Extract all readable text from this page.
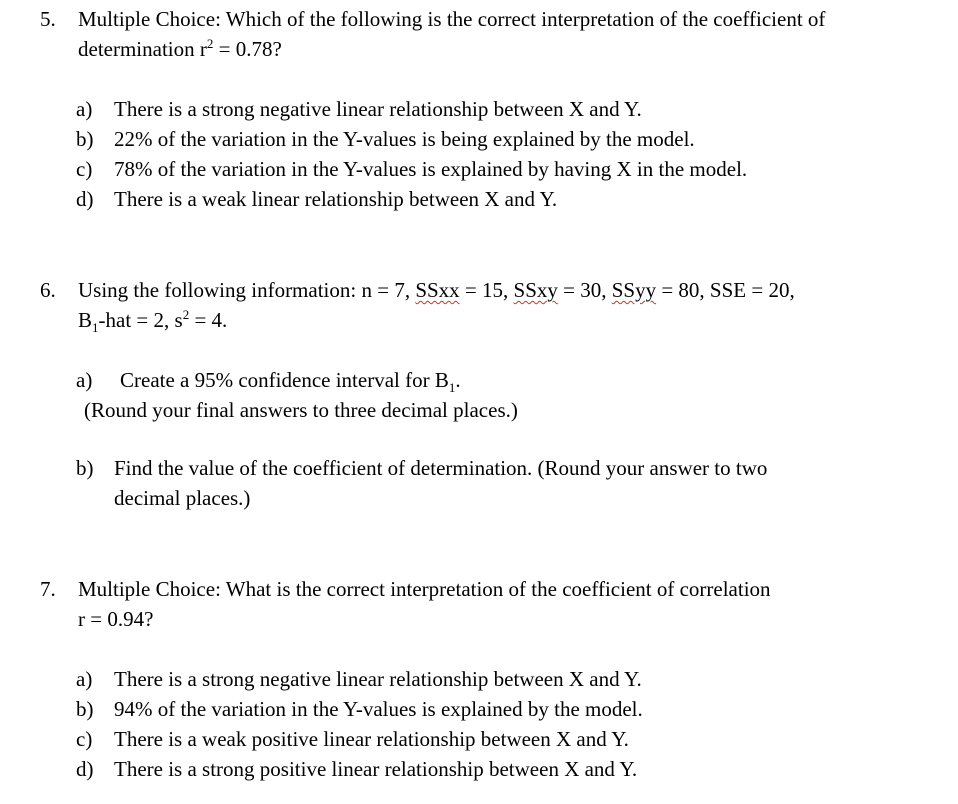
5. Multiple Choice: Which of the following is the correct interpretation of the coefficient of
determination $r^2 = 0.78$?
a) There is a strong negative linear relationship between X and Y.
b) 22% of the variation in the Y-values is being explained by the model.
c) 78% of the variation in the Y-values is explained by having X in the model.
d) There is a weak linear relationship between X and Y.
6. Using the following information: n = 7, SSxx = 15, SSxy = 30, SSyy = 80, SSE = 20,
$B_1$-hat = 2, $s^2 = 4$.
a) Create a 95% confidence interval for $B_1$.
(Round your final answers to three decimal places.)
b) Find the value of the coefficient of determination. (Round your answer to two
decimal places.)
7. Multiple Choice: What is the correct interpretation of the coefficient of correlation
r = 0.94?
a) There is a strong negative linear relationship between X and Y.
b) 94% of the variation in the Y-values is explained by the model.
c) There is a weak positive linear relationship between X and Y.
d) There is a strong positive linear relationship between X and Y.
